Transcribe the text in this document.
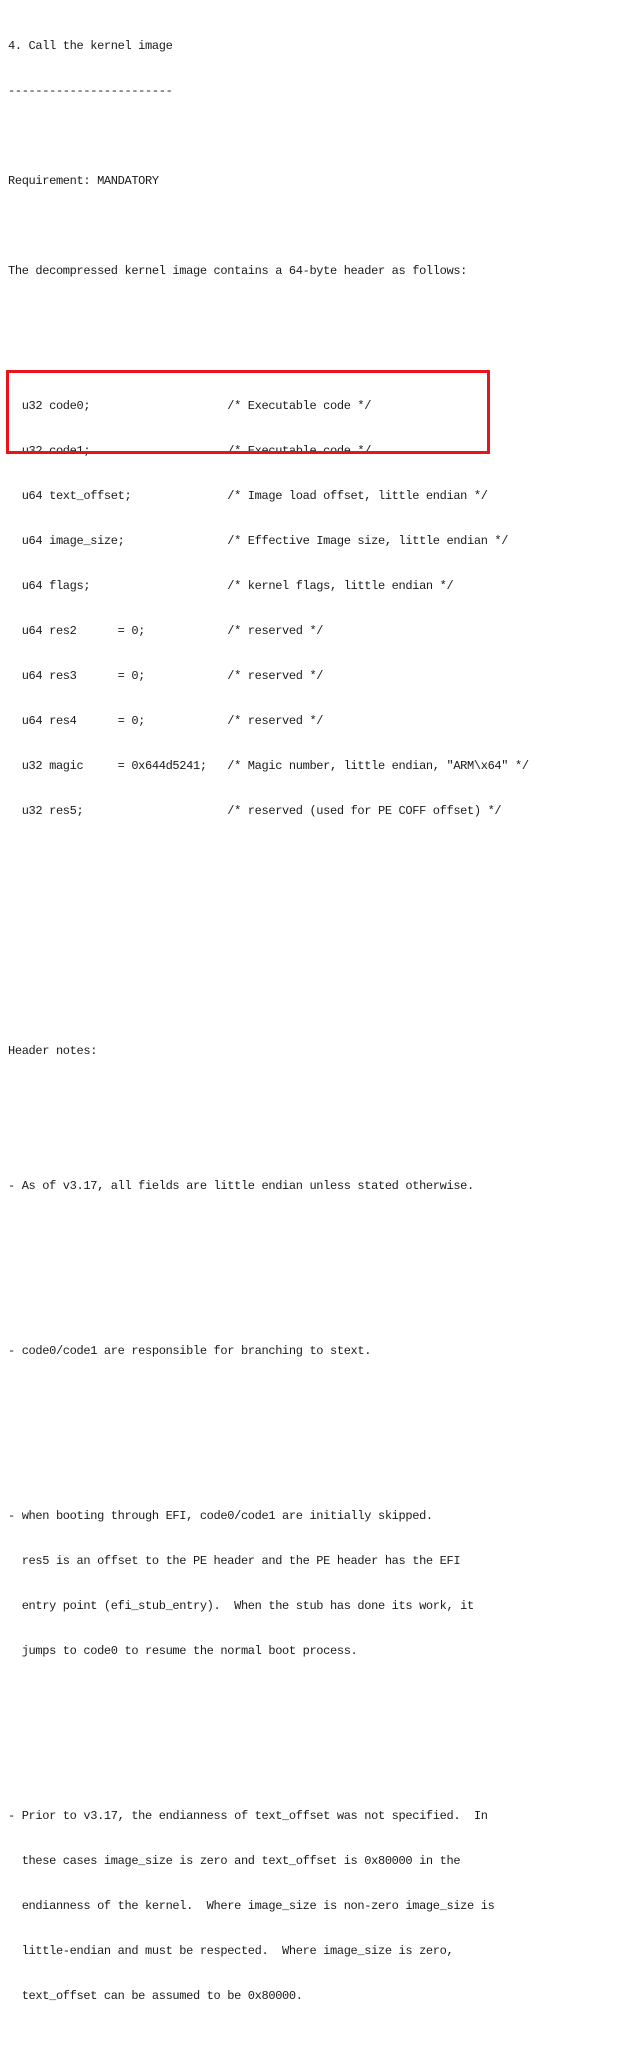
4. Call the kernel image

------------------------

Requirement: MANDATORY

The decompressed kernel image contains a 64-byte header as follows:

u32 code0;                    /* Executable code */

u32 code1;                    /* Executable code */

u64 text_offset;              /* Image load offset, little endian */

u64 image_size;               /* Effective Image size, little endian */

u64 flags;                    /* kernel flags, little endian */

u64 res2      = 0;            /* reserved */

u64 res3      = 0;            /* reserved */

u64 res4      = 0;            /* reserved */

u32 magic     = 0x644d5241;   /* Magic number, little endian, "ARM\x64" */

u32 res5;                     /* reserved (used for PE COFF offset) */

Header notes:

- As of v3.17, all fields are little endian unless stated otherwise.

- code0/code1 are responsible for branching to stext.

- when booting through EFI, code0/code1 are initially skipped.

res5 is an offset to the PE header and the PE header has the EFI

entry point (efi_stub_entry).  When the stub has done its work, it

jumps to code0 to resume the normal boot process.

- Prior to v3.17, the endianness of text_offset was not specified.  In

these cases image_size is zero and text_offset is 0x80000 in the

endianness of the kernel.  Where image_size is non-zero image_size is

little-endian and must be respected.  Where image_size is zero,

text_offset can be assumed to be 0x80000.
